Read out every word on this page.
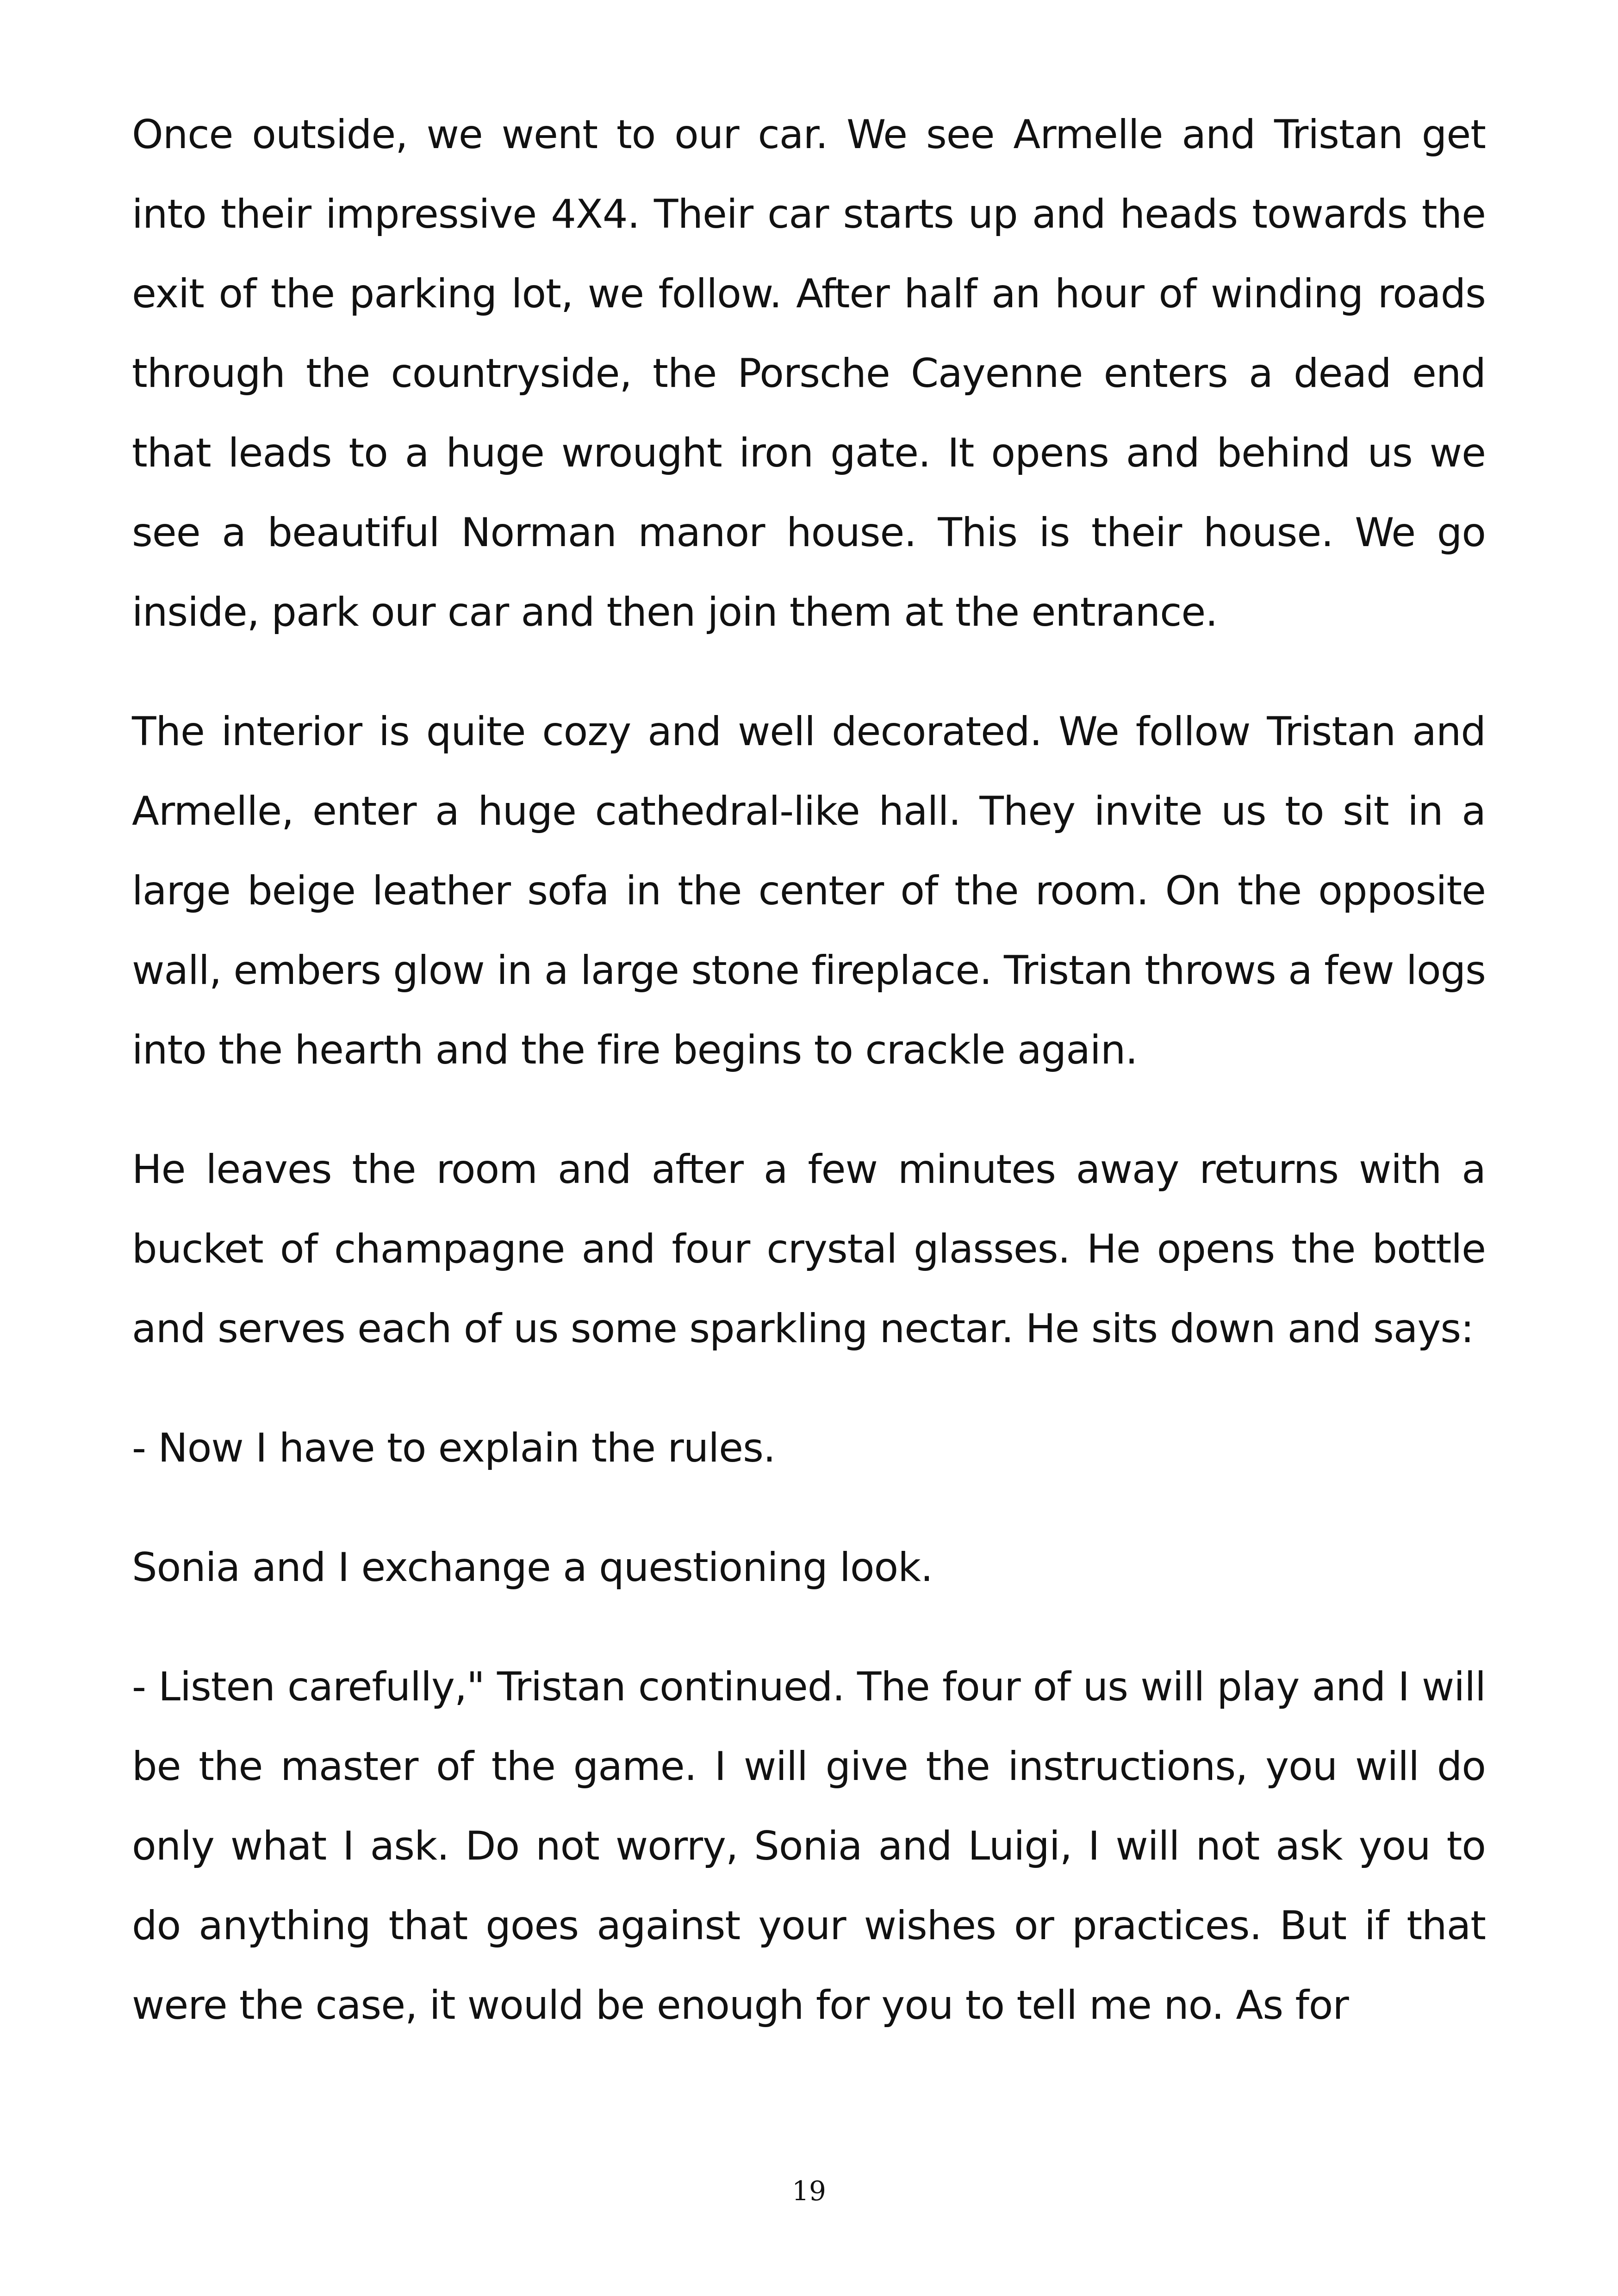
Once outside, we went to our car. We see Armelle and Tristan get into their impressive 4X4. Their car starts up and heads towards the exit of the parking lot, we follow. After half an hour of winding roads through the countryside, the Porsche Cayenne enters a dead end that leads to a huge wrought iron gate. It opens and behind us we see a beautiful Norman manor house. This is their house. We go inside, park our car and then join them at the entrance.

The interior is quite cozy and well decorated. We follow Tristan and Armelle, enter a huge cathedral-like hall. They invite us to sit in a large beige leather sofa in the center of the room. On the opposite wall, embers glow in a large stone fireplace. Tristan throws a few logs into the hearth and the fire begins to crackle again.

He leaves the room and after a few minutes away returns with a bucket of champagne and four crystal glasses. He opens the bottle and serves each of us some sparkling nectar. He sits down and says:

- Now I have to explain the rules.

Sonia and I exchange a questioning look.

- Listen carefully," Tristan continued. The four of us will play and I will be the master of the game. I will give the instructions, you will do only what I ask. Do not worry, Sonia and Luigi, I will not ask you to do anything that goes against your wishes or practices. But if that were the case, it would be enough for you to tell me no. As for

19
